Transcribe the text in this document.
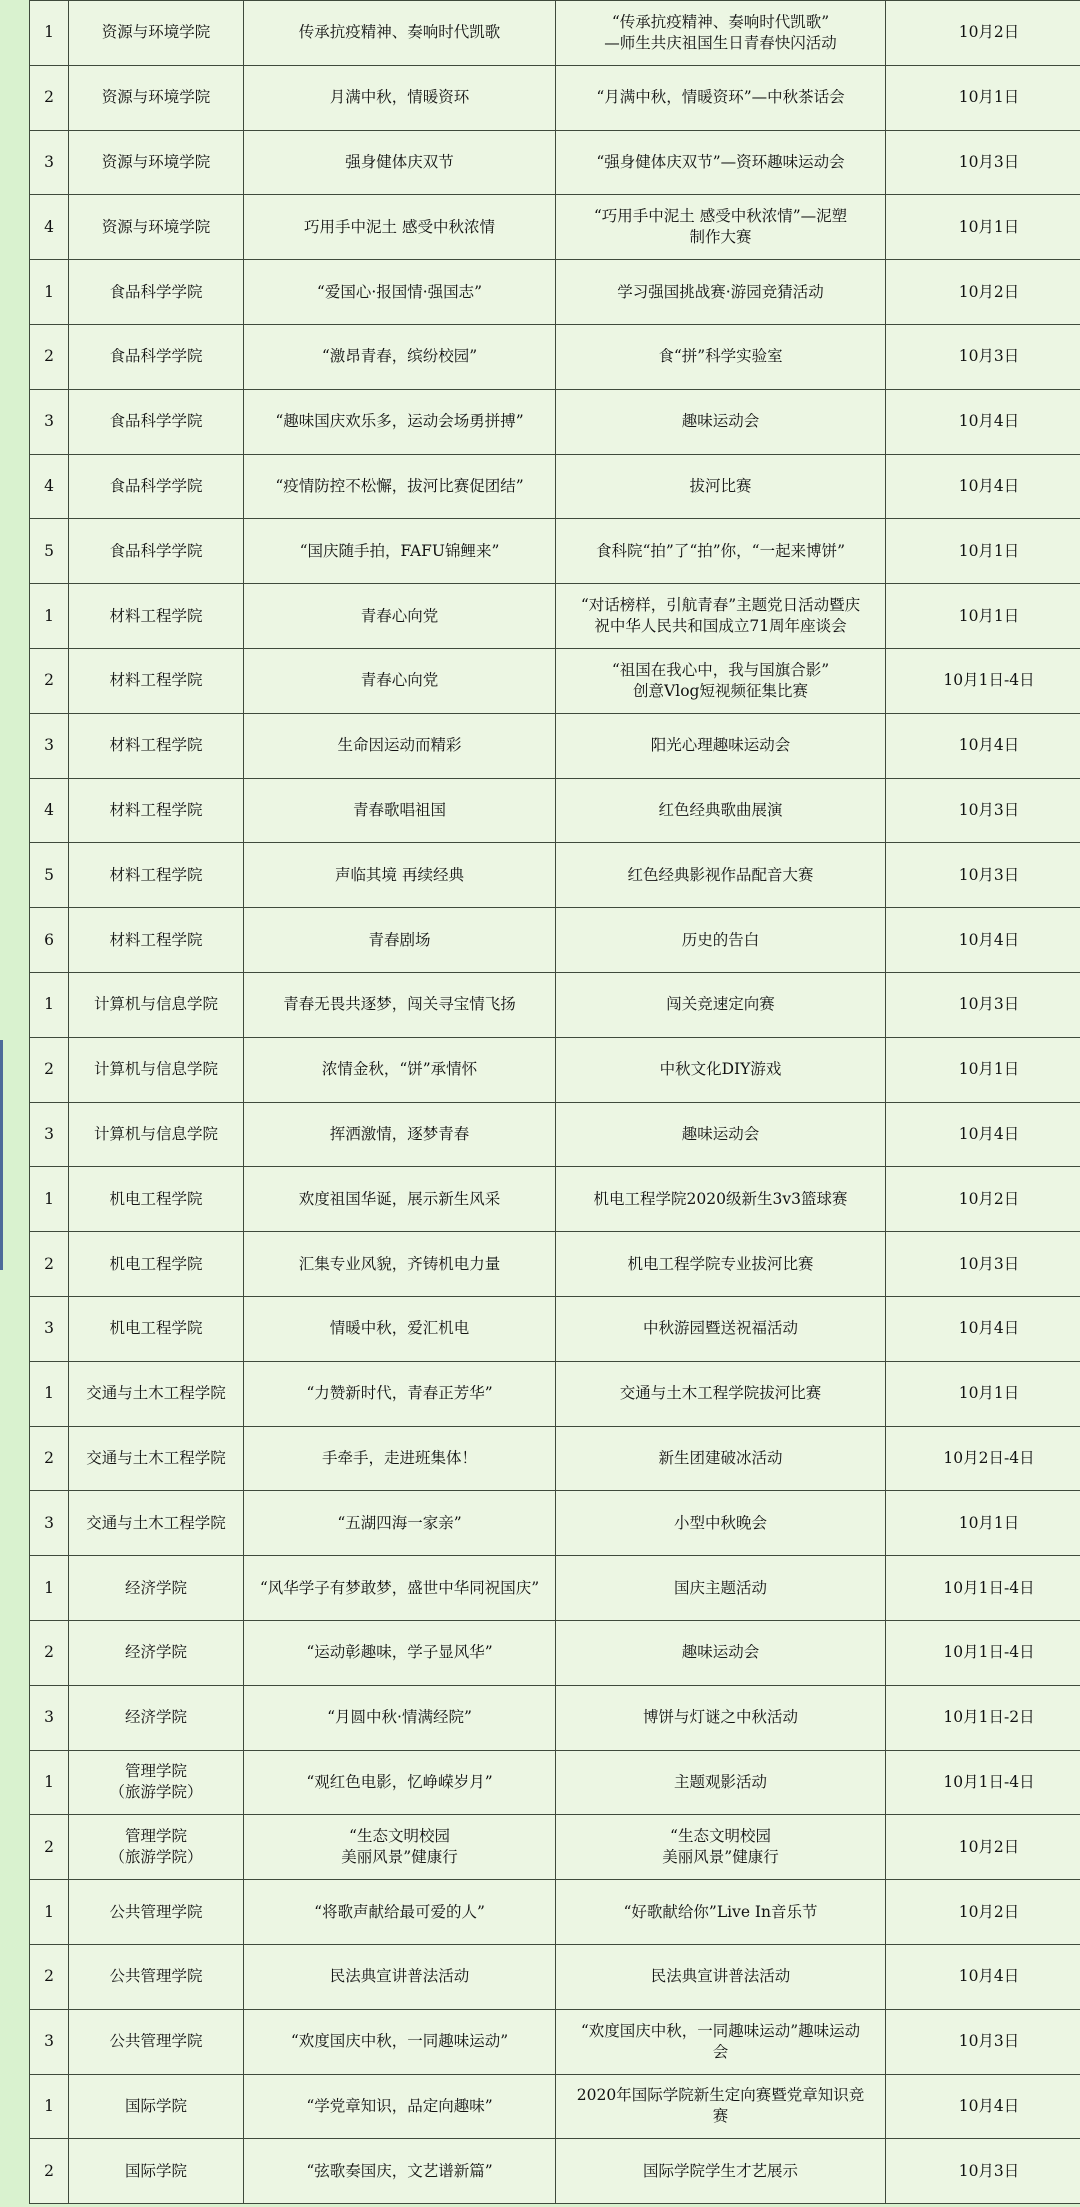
1	资源与环境学院	传承抗疫精神、奏响时代凯歌	“传承抗疫精神、奏响时代凯歌”
—师生共庆祖国生日青春快闪活动	10月2日
2	资源与环境学院	月满中秋，情暖资环	“月满中秋，情暖资环”—中秋茶话会	10月1日
3	资源与环境学院	强身健体庆双节	“强身健体庆双节”—资环趣味运动会	10月3日
4	资源与环境学院	巧用手中泥土 感受中秋浓情	“巧用手中泥土 感受中秋浓情”—泥塑
制作大赛	10月1日
1	食品科学学院	“爱国心·报国情·强国志”	学习强国挑战赛·游园竞猜活动	10月2日
2	食品科学学院	“激昂青春，缤纷校园”	食“拼”科学实验室	10月3日
3	食品科学学院	“趣味国庆欢乐多，运动会场勇拼搏”	趣味运动会	10月4日
4	食品科学学院	“疫情防控不松懈，拔河比赛促团结”	拔河比赛	10月4日
5	食品科学学院	“国庆随手拍，FAFU锦鲤来”	食科院“拍”了“拍”你，“一起来博饼”	10月1日
1	材料工程学院	青春心向党	“对话榜样，引航青春”主题党日活动暨庆
祝中华人民共和国成立71周年座谈会	10月1日
2	材料工程学院	青春心向党	“祖国在我心中，我与国旗合影”
创意Vlog短视频征集比赛	10月1日-4日
3	材料工程学院	生命因运动而精彩	阳光心理趣味运动会	10月4日
4	材料工程学院	青春歌唱祖国	红色经典歌曲展演	10月3日
5	材料工程学院	声临其境 再续经典	红色经典影视作品配音大赛	10月3日
6	材料工程学院	青春剧场	历史的告白	10月4日
1	计算机与信息学院	青春无畏共逐梦，闯关寻宝情飞扬	闯关竞速定向赛	10月3日
2	计算机与信息学院	浓情金秋，“饼”承情怀	中秋文化DIY游戏	10月1日
3	计算机与信息学院	挥洒激情，逐梦青春	趣味运动会	10月4日
1	机电工程学院	欢度祖国华诞，展示新生风采	机电工程学院2020级新生3v3篮球赛	10月2日
2	机电工程学院	汇集专业风貌，齐铸机电力量	机电工程学院专业拔河比赛	10月3日
3	机电工程学院	情暖中秋，爱汇机电	中秋游园暨送祝福活动	10月4日
1	交通与土木工程学院	“力赞新时代，青春正芳华”	交通与土木工程学院拔河比赛	10月1日
2	交通与土木工程学院	手牵手，走进班集体！	新生团建破冰活动	10月2日-4日
3	交通与土木工程学院	“五湖四海一家亲”	小型中秋晚会	10月1日
1	经济学院	“风华学子有梦敢梦，盛世中华同祝国庆”	国庆主题活动	10月1日-4日
2	经济学院	“运动彰趣味，学子显风华”	趣味运动会	10月1日-4日
3	经济学院	“月圆中秋·情满经院”	博饼与灯谜之中秋活动	10月1日-2日
1	管理学院
（旅游学院）	“观红色电影，忆峥嵘岁月”	主题观影活动	10月1日-4日
2	管理学院
（旅游学院）	“生态文明校园
美丽风景”健康行	“生态文明校园
美丽风景”健康行	10月2日
1	公共管理学院	“将歌声献给最可爱的人”	“好歌献给你”Live In音乐节	10月2日
2	公共管理学院	民法典宣讲普法活动	民法典宣讲普法活动	10月4日
3	公共管理学院	“欢度国庆中秋，一同趣味运动”	“欢度国庆中秋，一同趣味运动”趣味运动
会	10月3日
1	国际学院	“学党章知识，品定向趣味”	2020年国际学院新生定向赛暨党章知识竞
赛	10月4日
2	国际学院	“弦歌奏国庆，文艺谱新篇”	国际学院学生才艺展示	10月3日
